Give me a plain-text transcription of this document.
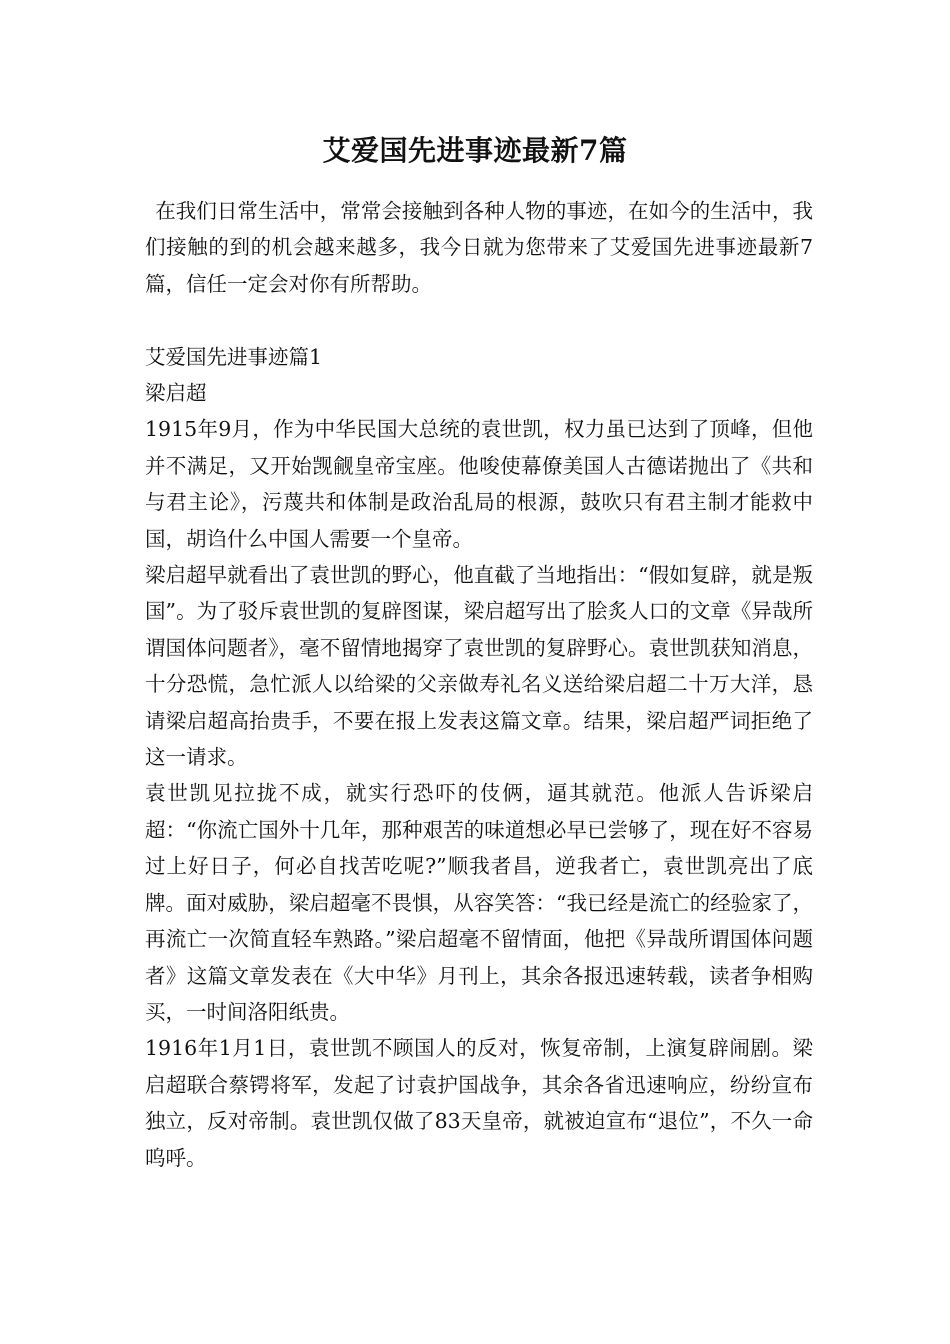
艾爱国先进事迹最新7篇

在我们日常生活中，常常会接触到各种人物的事迹，在如今的生活中，我们接触的到的机会越来越多，我今日就为您带来了艾爱国先进事迹最新7篇，信任一定会对你有所帮助。

艾爱国先进事迹篇1

梁启超

1915年9月，作为中华民国大总统的袁世凯，权力虽已达到了顶峰，但他并不满足，又开始觊觎皇帝宝座。他唆使幕僚美国人古德诺抛出了《共和与君主论》，污蔑共和体制是政治乱局的根源，鼓吹只有君主制才能救中国，胡诌什么中国人需要一个皇帝。

梁启超早就看出了袁世凯的野心，他直截了当地指出：“假如复辟，就是叛国”。为了驳斥袁世凯的复辟图谋，梁启超写出了脍炙人口的文章《异哉所谓国体问题者》，毫不留情地揭穿了袁世凯的复辟野心。袁世凯获知消息，十分恐慌，急忙派人以给梁的父亲做寿礼名义送给梁启超二十万大洋，恳请梁启超高抬贵手，不要在报上发表这篇文章。结果，梁启超严词拒绝了这一请求。

袁世凯见拉拢不成，就实行恐吓的伎俩，逼其就范。他派人告诉梁启超：“你流亡国外十几年，那种艰苦的味道想必早已尝够了，现在好不容易过上好日子，何必自找苦吃呢?”顺我者昌，逆我者亡，袁世凯亮出了底牌。面对威胁，梁启超毫不畏惧，从容笑答：“我已经是流亡的经验家了，再流亡一次简直轻车熟路。”梁启超毫不留情面，他把《异哉所谓国体问题者》这篇文章发表在《大中华》月刊上，其余各报迅速转载，读者争相购买，一时间洛阳纸贵。

1916年1月1日，袁世凯不顾国人的反对，恢复帝制，上演复辟闹剧。梁启超联合蔡锷将军，发起了讨袁护国战争，其余各省迅速响应，纷纷宣布独立，反对帝制。袁世凯仅做了83天皇帝，就被迫宣布“退位”，不久一命呜呼。
